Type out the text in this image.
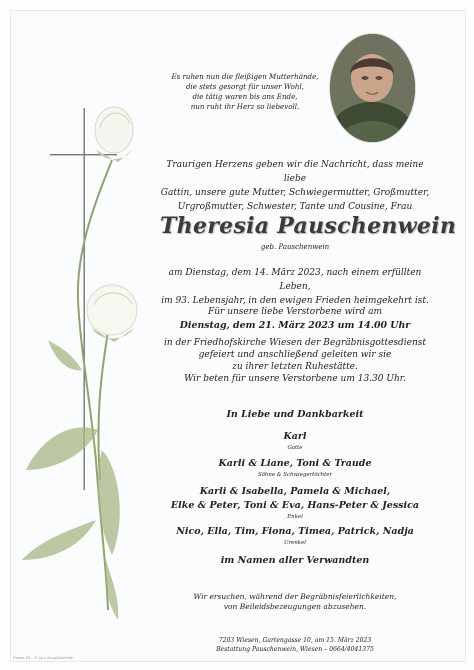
Es ruhen nun die fleißigen Mutterhände,
die stets gesorgt für unser Wohl,
die tätig waren bis ans Ende,
nun ruht ihr Herz so liebevoll.
Traurigen Herzens geben wir die Nachricht, dass meine liebe
Gattin, unsere gute Mutter, Schwiegermutter, Großmutter,
Urgroßmutter, Schwester, Tante und Cousine, Frau
Theresia Pauschenwein
geb. Pauschenwein
am Dienstag, dem 14. März 2023, nach einem erfüllten Leben,
im 93. Lebensjahr, in den ewigen Frieden heimgekehrt ist.
Für unsere liebe Verstorbene wird am
Dienstag, dem 21. März 2023 um 14.00 Uhr
in der Friedhofskirche Wiesen der Begräbnisgottesdienst
gefeiert und anschließend geleiten wir sie
zu ihrer letzten Ruhestätte.
Wir beten für unsere Verstorbene um 13.30 Uhr.
In Liebe und Dankbarkeit
Karl
Gatte
Karli & Liane, Toni & Traude
Söhne & Schwiegertöchter
Karli & Isabella, Pamela & Michael,
Elke & Peter, Toni & Eva, Hans-Peter & Jessica
Enkel
Nico, Ella, Tim, Fiona, Timea, Patrick, Nadja
Urenkel
im Namen aller Verwandten
Wir ersuchen, während der Begräbnisfeierlichkeiten,
von Beileidsbezeugungen abzusehen.
7203 Wiesen, Gartengasse 10, am 15. März 2023
Bestattung Pauschenwein, Wiesen – 0664/4041375
Flower 83 – © by L-Script/Aenhide
